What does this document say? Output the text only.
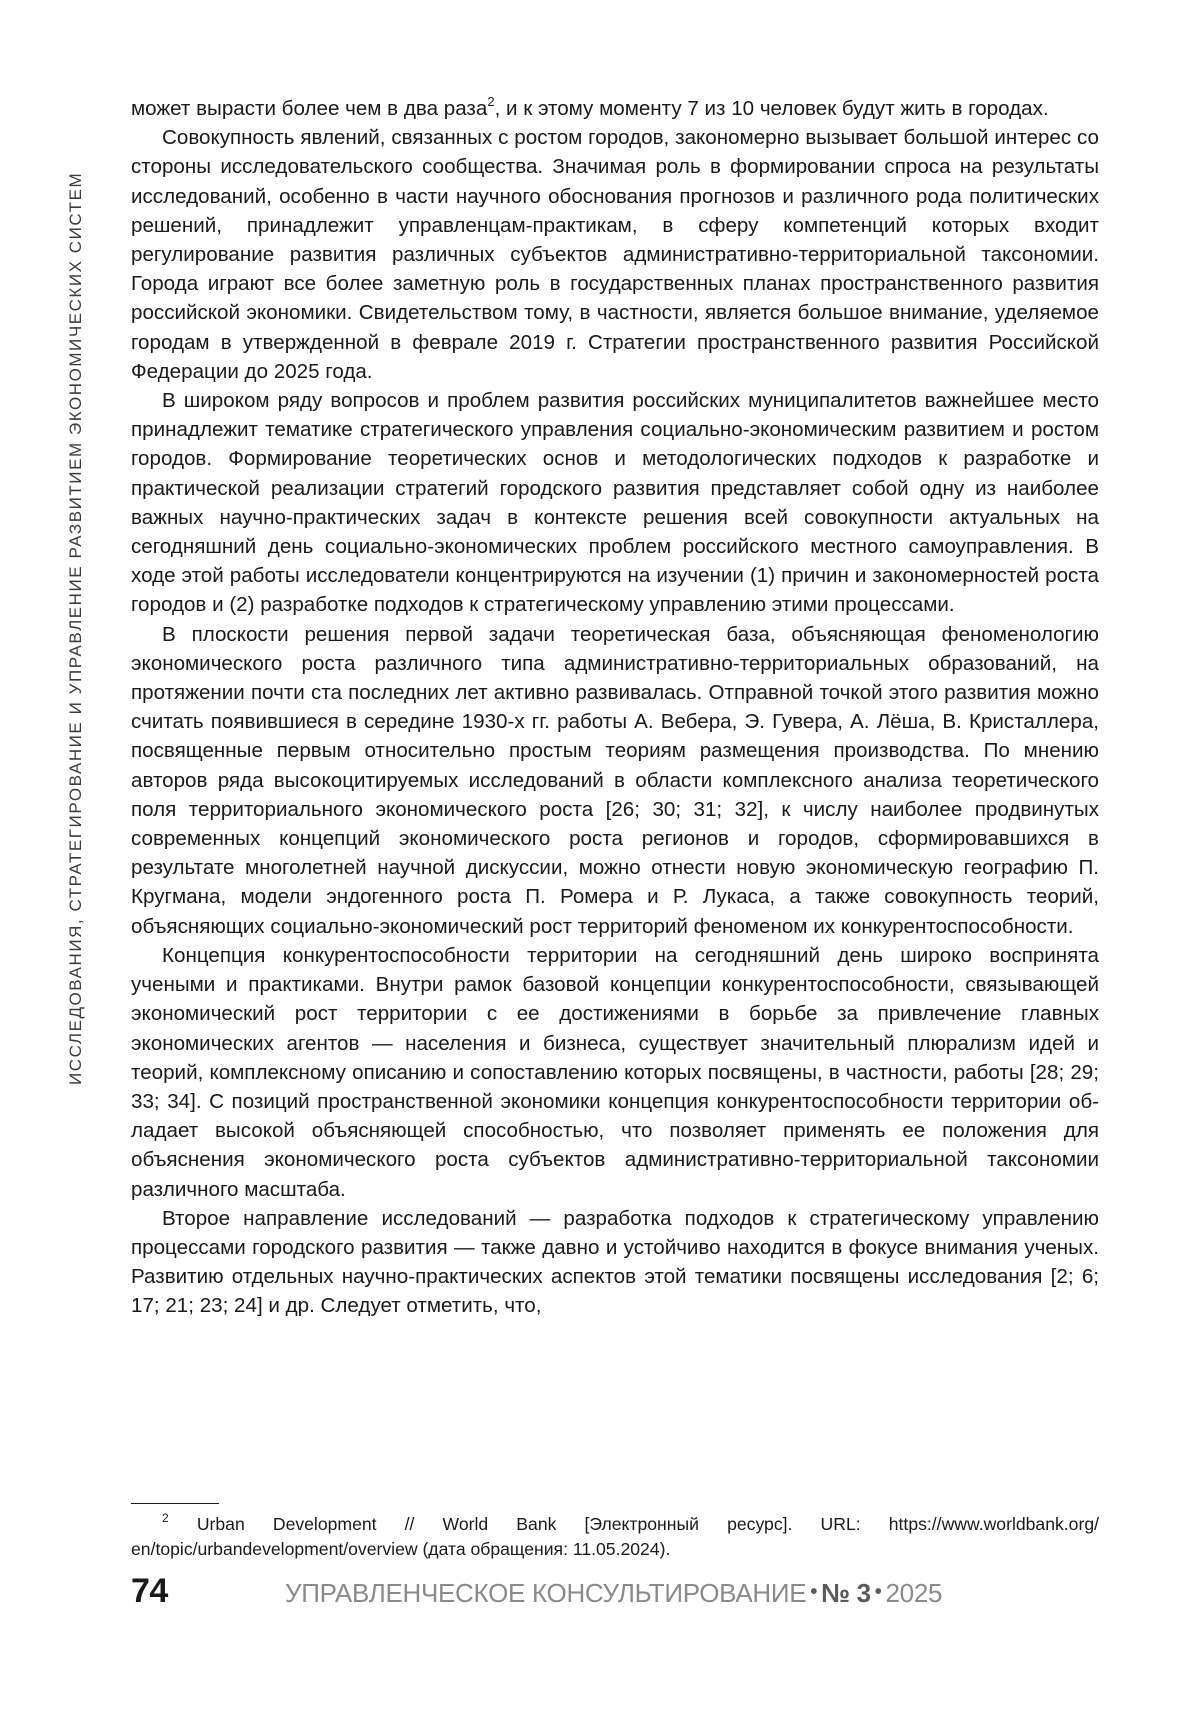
ИССЛЕДОВАНИЯ, СТРАТЕГИРОВАНИЕ И УПРАВЛЕНИЕ РАЗВИТИЕМ ЭКОНОМИЧЕСКИХ СИСТЕМ

может вырасти более чем в два раза$^2$, и к этому моменту 7 из 10 человек будут жить в городах.

Совокупность явлений, связанных с ростом городов, закономерно вызывает большой интерес со стороны исследовательского сообщества. Значимая роль в формировании спроса на результаты исследований, особенно в части научного обоснования прогнозов и различного рода политических решений, принадлежит управленцам-практикам, в сферу компетенций которых входит регулирование развития различных субъектов административно-территориальной таксономии. Города играют все более заметную роль в государственных планах пространственного развития российской экономики. Свидетельством тому, в частности, является большое внимание, уделяемое городам в утвержденной в феврале 2019 г. Стратегии пространственного развития Российской Федерации до 2025 года.

В широком ряду вопросов и проблем развития российских муниципалитетов важнейшее место принадлежит тематике стратегического управления социально-экономическим развитием и ростом городов. Формирование теоретических основ и методологических подходов к разработке и практической реализации стратегий городского развития представляет собой одну из наиболее важных научно-практических задач в контексте решения всей совокупности актуальных на сегодняшний день социально-экономических проблем российского местного самоуправления. В ходе этой работы исследователи концентрируются на изучении (1) причин и закономерностей роста городов и (2) разработке подходов к стратегическому управлению этими процессами.

В плоскости решения первой задачи теоретическая база, объясняющая феноменологию экономического роста различного типа административно-территориальных образований, на протяжении почти ста последних лет активно развивалась. Отправной точкой этого развития можно считать появившиеся в середине 1930-х гг. работы А. Вебера, Э. Гувера, А. Лёша, В. Кристаллера, посвященные первым относительно простым теориям размещения производства. По мнению авторов ряда высокоцитируемых исследований в области комплексного анализа теоретического поля территориального экономического роста [26; 30; 31; 32], к числу наиболее продвинутых современных концепций экономического роста регионов и городов, сформировавшихся в результате многолетней научной дискуссии, можно отнести новую экономическую географию П. Кругмана, модели эндогенного роста П. Ромера и Р. Лукаса, а также совокупность теорий, объясняющих социально-экономический рост территорий феноменом их конкурентоспособности.

Концепция конкурентоспособности территории на сегодняшний день широко воспринята учеными и практиками. Внутри рамок базовой концепции конкурентоспособности, связывающей экономический рост территории с ее достижениями в борьбе за привлечение главных экономических агентов — населения и бизнеса, существует значительный плюрализм идей и теорий, комплексному описанию и сопоставлению которых посвящены, в частности, работы [28; 29; 33; 34]. С позиций пространственной экономики концепция конкурентоспособности территории обладает высокой объясняющей способностью, что позволяет применять ее положения для объяснения экономического роста субъектов административно-территориальной таксономии различного масштаба.

Второе направление исследований — разработка подходов к стратегическому управлению процессами городского развития — также давно и устойчиво находится в фокусе внимания ученых. Развитию отдельных научно-практических аспектов этой тематики посвящены исследования [2; 6; 17; 21; 23; 24] и др. Следует отметить, что,

$^2$ Urban Development // World Bank [Электронный ресурс]. URL: https://www.worldbank.org/ en/topic/urbandevelopment/overview (дата обращения: 11.05.2024).
74	УПРАВЛЕНЧЕСКОЕ КОНСУЛЬТИРОВАНИЕ • № 3 • 2025
